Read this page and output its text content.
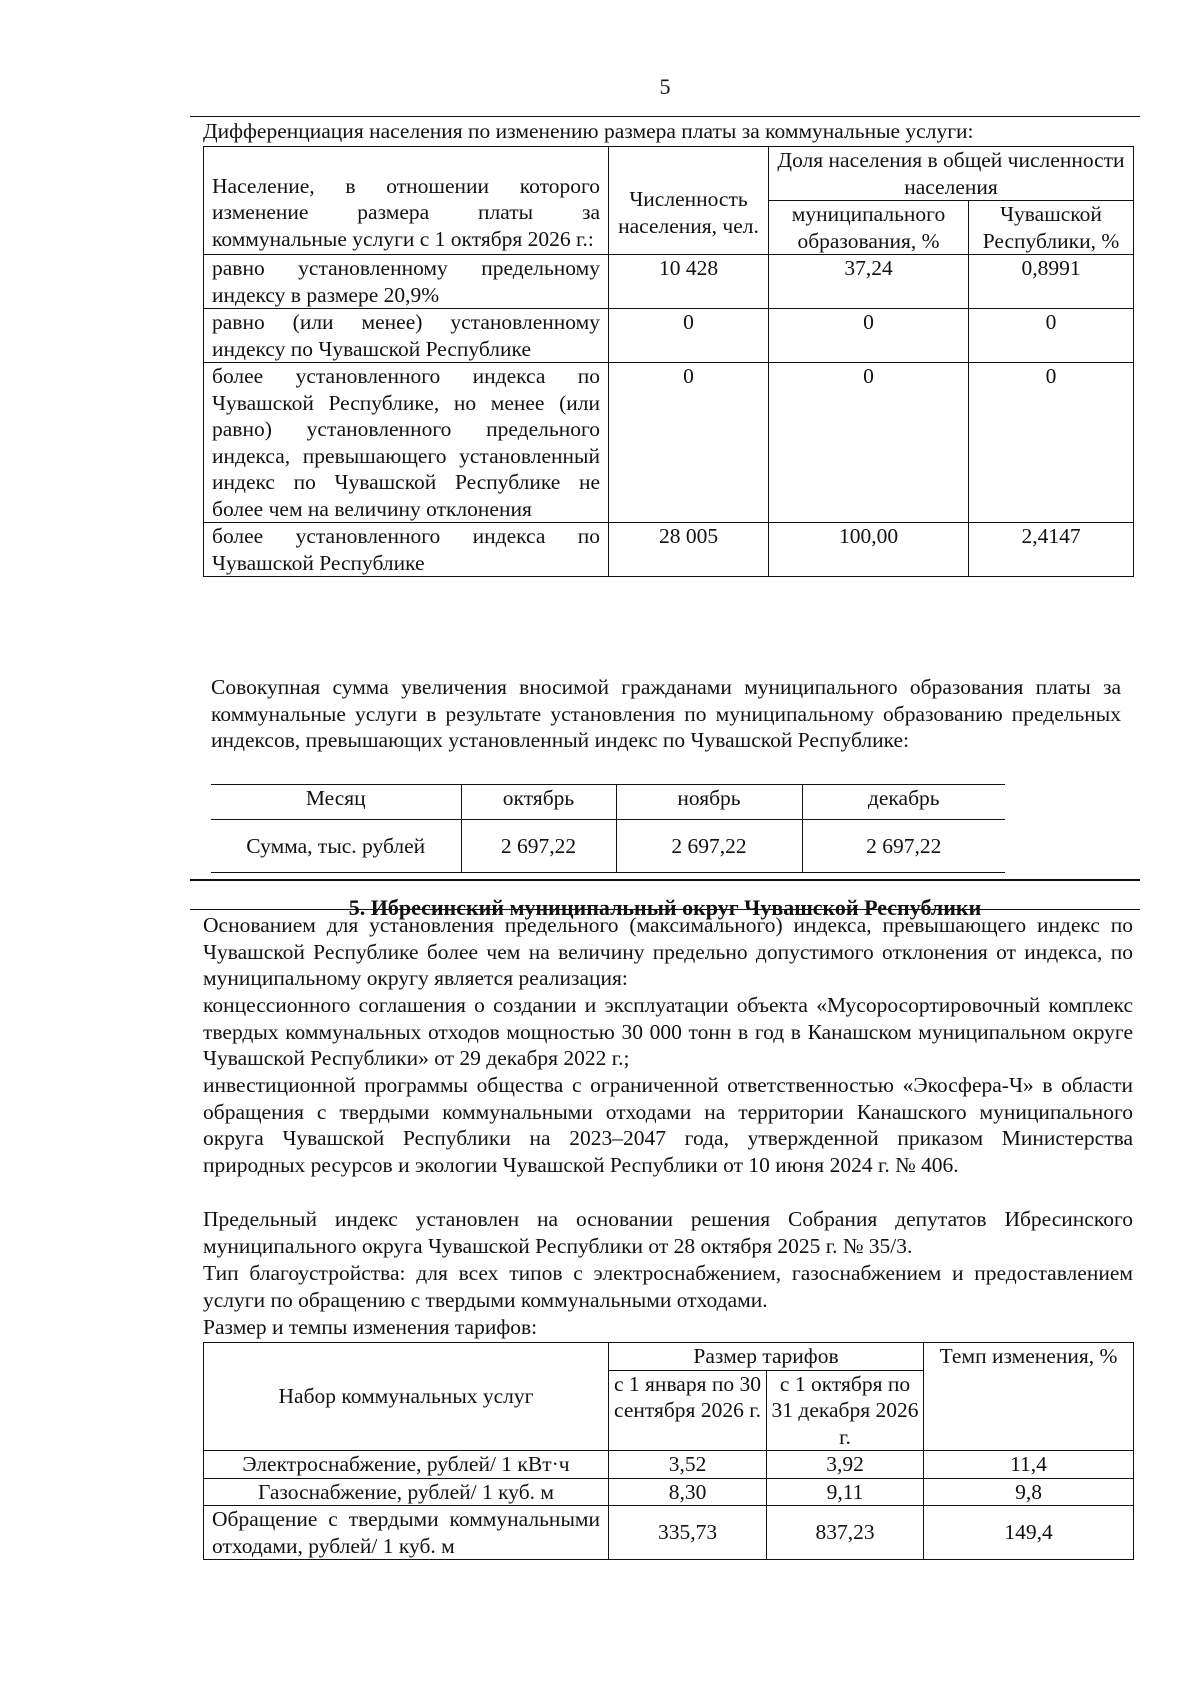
5
Дифференциация населения по изменению размера платы за коммунальные услуги:
Население, в отношении которого изменение размера платы за коммунальные услуги с 1 октября 2026 г.:	Численность населения, чел.	Доля населения в общей численности населения	
		муниципального образования, %	Чувашской Республики, %
равно установленному предельному индексу в размере 20,9%	10 428	37,24	0,8991
равно (или менее) установленному индексу по Чувашской Республике	0	0	0
более установленного индекса по Чувашской Республике, но менее (или равно) установленного предельного индекса, превышающего установленный индекс по Чувашской Республике не более чем на величину отклонения	0	0	0
более установленного индекса по Чувашской Республике	28 005	100,00	2,4147
Совокупная сумма увеличения вносимой гражданами муниципального образования платы за коммунальные услуги в результате установления по муниципальному образованию предельных индексов, превышающих установленный индекс по Чувашской Республике:
Месяц	октябрь	ноябрь	декабрь
Сумма, тыс. рублей	2 697,22	2 697,22	2 697,22
5. Ибресинский муниципальный округ Чувашской Республики
Основанием для установления предельного (максимального) индекса, превышающего индекс по Чувашской Республике более чем на величину предельно допустимого отклонения от индекса, по муниципальному округу является реализация:
концессионного соглашения о создании и эксплуатации объекта «Мусоросортировочный комплекс твердых коммунальных отходов мощностью 30 000 тонн в год в Канашском муниципальном округе Чувашской Республики» от 29 декабря 2022 г.;
инвестиционной программы общества с ограниченной ответственностью «Экосфера-Ч» в области обращения с твердыми коммунальными отходами на территории Канашского муниципального округа Чувашской Республики на 2023–2047 года, утвержденной приказом Министерства природных ресурсов и экологии Чувашской Республики от 10 июня 2024 г. № 406.
Предельный индекс установлен на основании решения Собрания депутатов Ибресинского муниципального округа Чувашской Республики от 28 октября 2025 г. № 35/3.
Тип благоустройства: для всех типов с электроснабжением, газоснабжением и предоставлением услуги по обращению с твердыми коммунальными отходами.
Размер и темпы изменения тарифов:
Набор коммунальных услуг	Размер тарифов		Темп изменения, %
	с 1 января по 30 сентября 2026 г.	с 1 октября по 31 декабря 2026 г.	
Электроснабжение, рублей/ 1 кВт·ч	3,52	3,92	11,4
Газоснабжение, рублей/ 1 куб. м	8,30	9,11	9,8
Обращение с твердыми коммунальными отходами, рублей/ 1 куб. м	335,73	837,23	149,4
